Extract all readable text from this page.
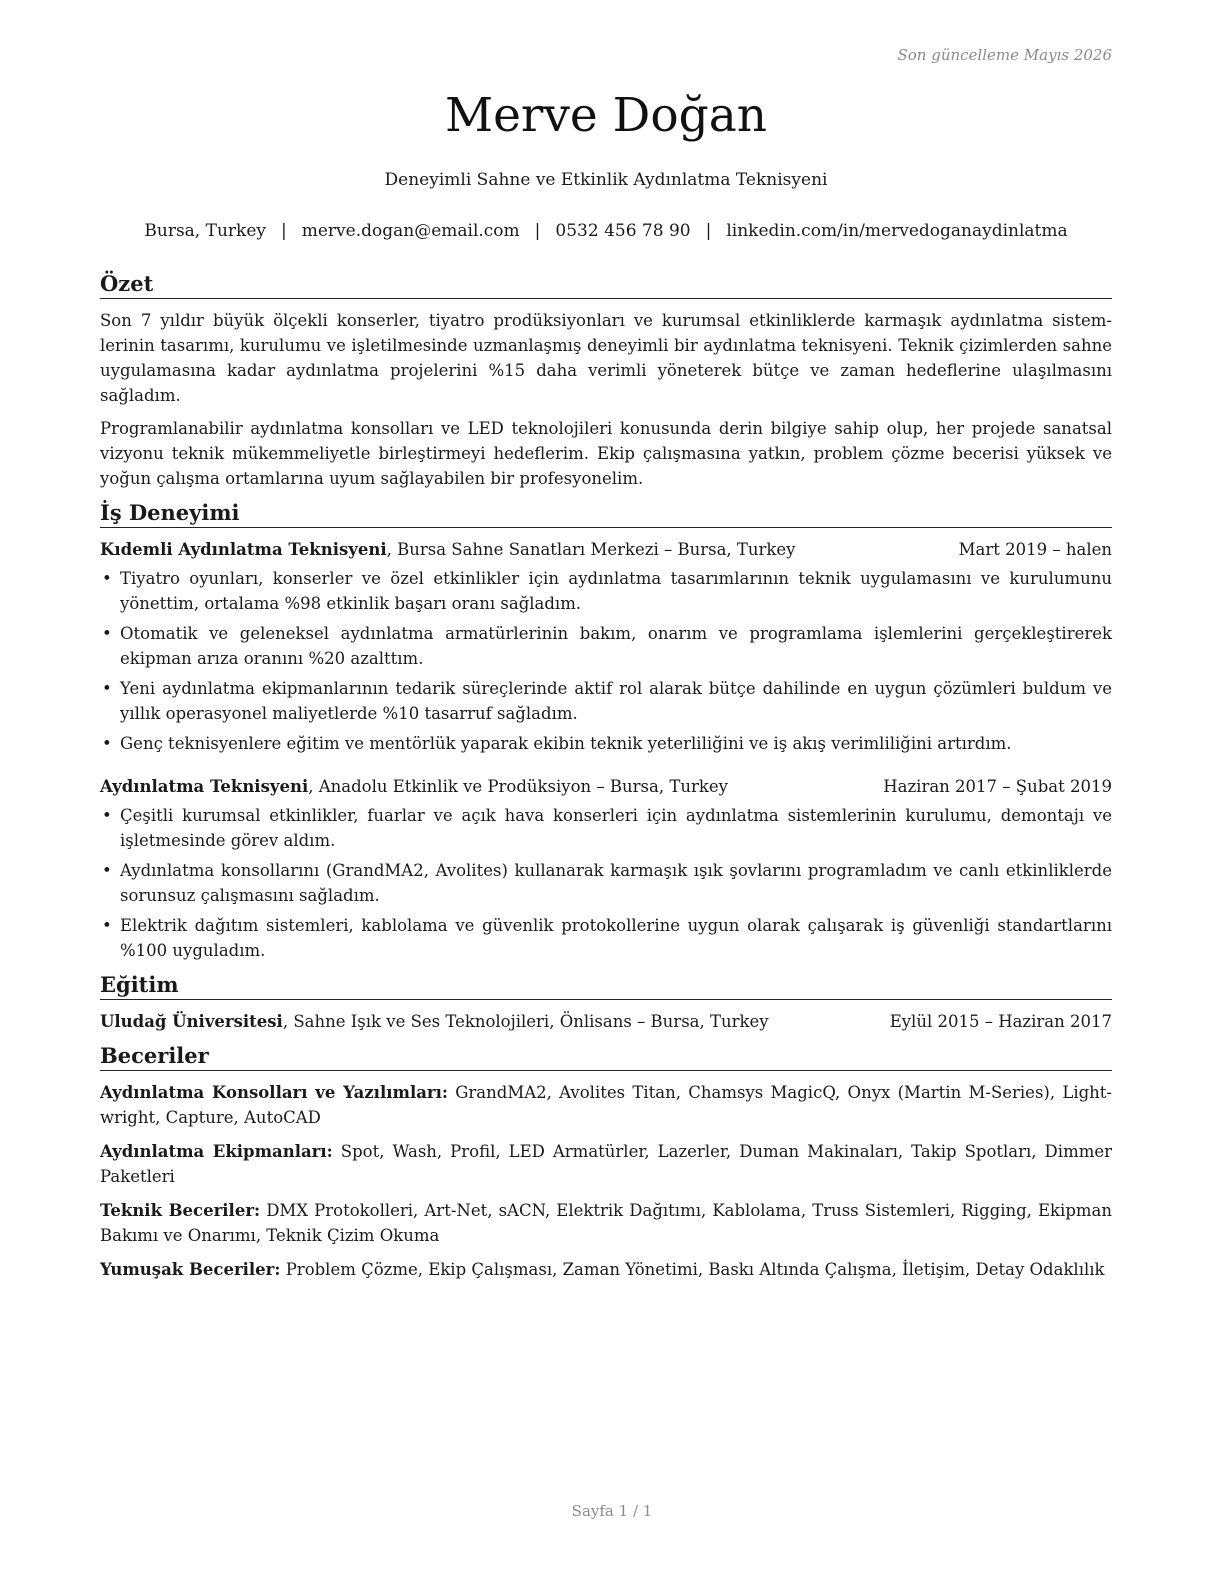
Son güncelleme Mayıs 2026
Merve Doğan
Deneyimli Sahne ve Etkinlik Aydınlatma Teknisyeni
Bursa, Turkey | merve.dogan@email.com | 0532 456 78 90 | linkedin.com/in/mervedoganaydinlatma
Özet

Son 7 yıldır büyük ölçekli konserler, tiyatro prodüksiyonları ve kurumsal etkinliklerde karmaşık aydınlatma sistemlerinin tasarımı, kurulumu ve işletilmesinde uzmanlaşmış deneyimli bir aydınlatma teknisyeni. Teknik çizimlerden sahne uygulamasına kadar aydınlatma projelerini %15 daha verimli yöneterek bütçe ve zaman hedeflerine ulaşılmasını sağladım.

Programlanabilir aydınlatma konsolları ve LED teknolojileri konusunda derin bilgiye sahip olup, her projede sanatsal vizyonu teknik mükemmeliyetle birleştirmeyi hedeflerim. Ekip çalışmasına yatkın, problem çözme becerisi yüksek ve yoğun çalışma ortamlarına uyum sağlayabilen bir profesyonelim.

İş Deneyimi
Kıdemli Aydınlatma Teknisyeni, Bursa Sahne Sanatları Merkezi – Bursa, Turkey	Mart 2019 – halen
• Tiyatro oyunları, konserler ve özel etkinlikler için aydınlatma tasarımlarının teknik uygulamasını ve kurulumunu yönettim, ortalama %98 etkinlik başarı oranı sağladım.
• Otomatik ve geleneksel aydınlatma armatürlerinin bakım, onarım ve programlama işlemlerini gerçekleştirerek ekipman arıza oranını %20 azalttım.
• Yeni aydınlatma ekipmanlarının tedarik süreçlerinde aktif rol alarak bütçe dahilinde en uygun çözümleri buldum ve yıllık operasyonel maliyetlerde %10 tasarruf sağladım.
• Genç teknisyenlere eğitim ve mentörlük yaparak ekibin teknik yeterliliğini ve iş akış verimliliğini artırdım.
Aydınlatma Teknisyeni, Anadolu Etkinlik ve Prodüksiyon – Bursa, Turkey	Haziran 2017 – Şubat 2019
• Çeşitli kurumsal etkinlikler, fuarlar ve açık hava konserleri için aydınlatma sistemlerinin kurulumu, demontajı ve işletmesinde görev aldım.
• Aydınlatma konsollarını (GrandMA2, Avolites) kullanarak karmaşık ışık şovlarını programladım ve canlı etkinliklerde sorunsuz çalışmasını sağladım.
• Elektrik dağıtım sistemleri, kablolama ve güvenlik protokollerine uygun olarak çalışarak iş güvenliği standartlarını %100 uyguladım.
Eğitim
Uludağ Üniversitesi, Sahne Işık ve Ses Teknolojileri, Önlisans – Bursa, Turkey	Eylül 2015 – Haziran 2017
Beceriler

Aydınlatma Konsolları ve Yazılımları: GrandMA2, Avolites Titan, Chamsys MagicQ, Onyx (Martin M-Series), Lightwright, Capture, AutoCAD

Aydınlatma Ekipmanları: Spot, Wash, Profil, LED Armatürler, Lazerler, Duman Makinaları, Takip Spotları, Dimmer Paketleri

Teknik Beceriler: DMX Protokolleri, Art-Net, sACN, Elektrik Dağıtımı, Kablolama, Truss Sistemleri, Rigging, Ekipman Bakımı ve Onarımı, Teknik Çizim Okuma

Yumuşak Beceriler: Problem Çözme, Ekip Çalışması, Zaman Yönetimi, Baskı Altında Çalışma, İletişim, Detay Odaklılık

Sayfa 1 / 1
